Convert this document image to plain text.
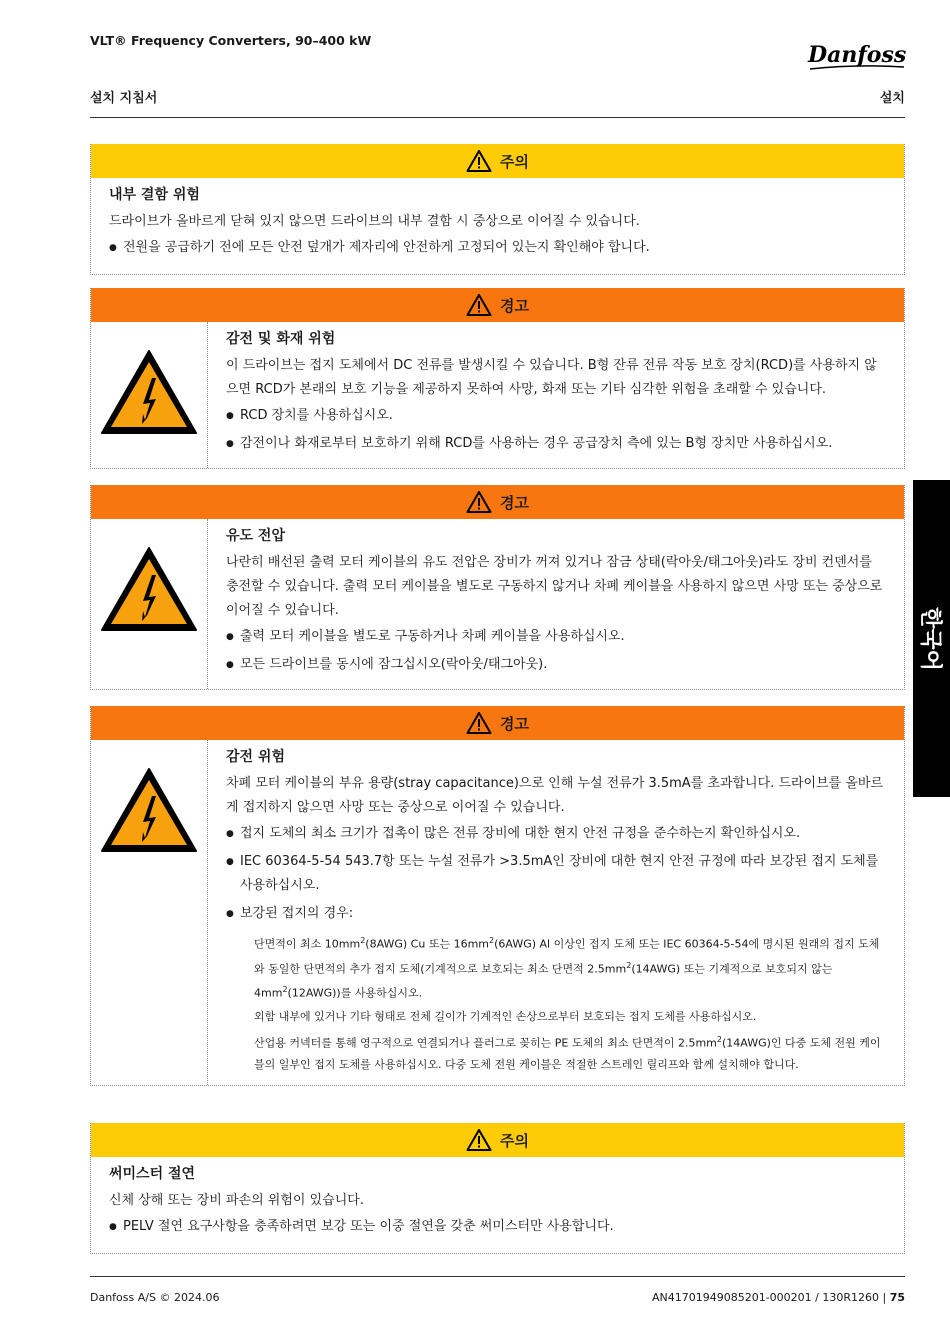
VLT® Frequency Converters, 90–400 kW
Danfoss
설치 지침서	설치
주의
내부 결함 위험

드라이브가 올바르게 닫혀 있지 않으면 드라이브의 내부 결함 시 중상으로 이어질 수 있습니다.

● 전원을 공급하기 전에 모든 안전 덮개가 제자리에 안전하게 고정되어 있는지 확인해야 합니다.
경고
감전 및 화재 위험

이 드라이브는 접지 도체에서 DC 전류를 발생시킬 수 있습니다. B형 잔류 전류 작동 보호 장치(RCD)를 사용하지 않으면 RCD가 본래의 보호 기능을 제공하지 못하여 사망, 화재 또는 기타 심각한 위험을 초래할 수 있습니다.

● RCD 장치를 사용하십시오.
● 감전이나 화재로부터 보호하기 위해 RCD를 사용하는 경우 공급장치 측에 있는 B형 장치만 사용하십시오.
경고
유도 전압

나란히 배선된 출력 모터 케이블의 유도 전압은 장비가 꺼져 있거나 잠금 상태(락아웃/태그아웃)라도 장비 컨덴서를 충전할 수 있습니다. 출력 모터 케이블을 별도로 구동하지 않거나 차폐 케이블을 사용하지 않으면 사망 또는 중상으로 이어질 수 있습니다.

● 출력 모터 케이블을 별도로 구동하거나 차폐 케이블을 사용하십시오.
● 모든 드라이브를 동시에 잠그십시오(락아웃/태그아웃).
경고
감전 위험

차폐 모터 케이블의 부유 용량(stray capacitance)으로 인해 누설 전류가 3.5mA를 초과합니다. 드라이브를 올바르게 접지하지 않으면 사망 또는 중상으로 이어질 수 있습니다.

● 접지 도체의 최소 크기가 접촉이 많은 전류 장비에 대한 현지 안전 규정을 준수하는지 확인하십시오.
● IEC 60364-5-54 543.7항 또는 누설 전류가 >3.5mA인 장비에 대한 현지 안전 규정에 따라 보강된 접지 도체를 사용하십시오.
● 보강된 접지의 경우:

단면적이 최소 $10mm^2(8AWG)$ Cu 또는 $16mm^2(6AWG)$ Al 이상인 접지 도체 또는 IEC 60364-5-54에 명시된 원래의 접지 도체와 동일한 단면적의 추가 접지 도체(기계적으로 보호되는 최소 단면적 $2.5mm^2(14AWG)$ 또는 기계적으로 보호되지 않는 $4mm^2(12AWG)$)를 사용하십시오.

외함 내부에 있거나 기타 형태로 전체 길이가 기계적인 손상으로부터 보호되는 접지 도체를 사용하십시오.

산업용 커넥터를 통해 영구적으로 연결되거나 플러그로 꽂히는 PE 도체의 최소 단면적이 $2.5mm^2(14AWG)$인 다중 도체 전원 케이블의 일부인 접지 도체를 사용하십시오. 다중 도체 전원 케이블은 적절한 스트레인 릴리프와 함께 설치해야 합니다.

주의
써미스터 절연

신체 상해 또는 장비 파손의 위험이 있습니다.

● PELV 절연 요구사항을 충족하려면 보강 또는 이중 절연을 갖춘 써미스터만 사용합니다.
한국어
Danfoss A/S © 2024.06	AN41701949085201-000201 / 130R1260 | 75
